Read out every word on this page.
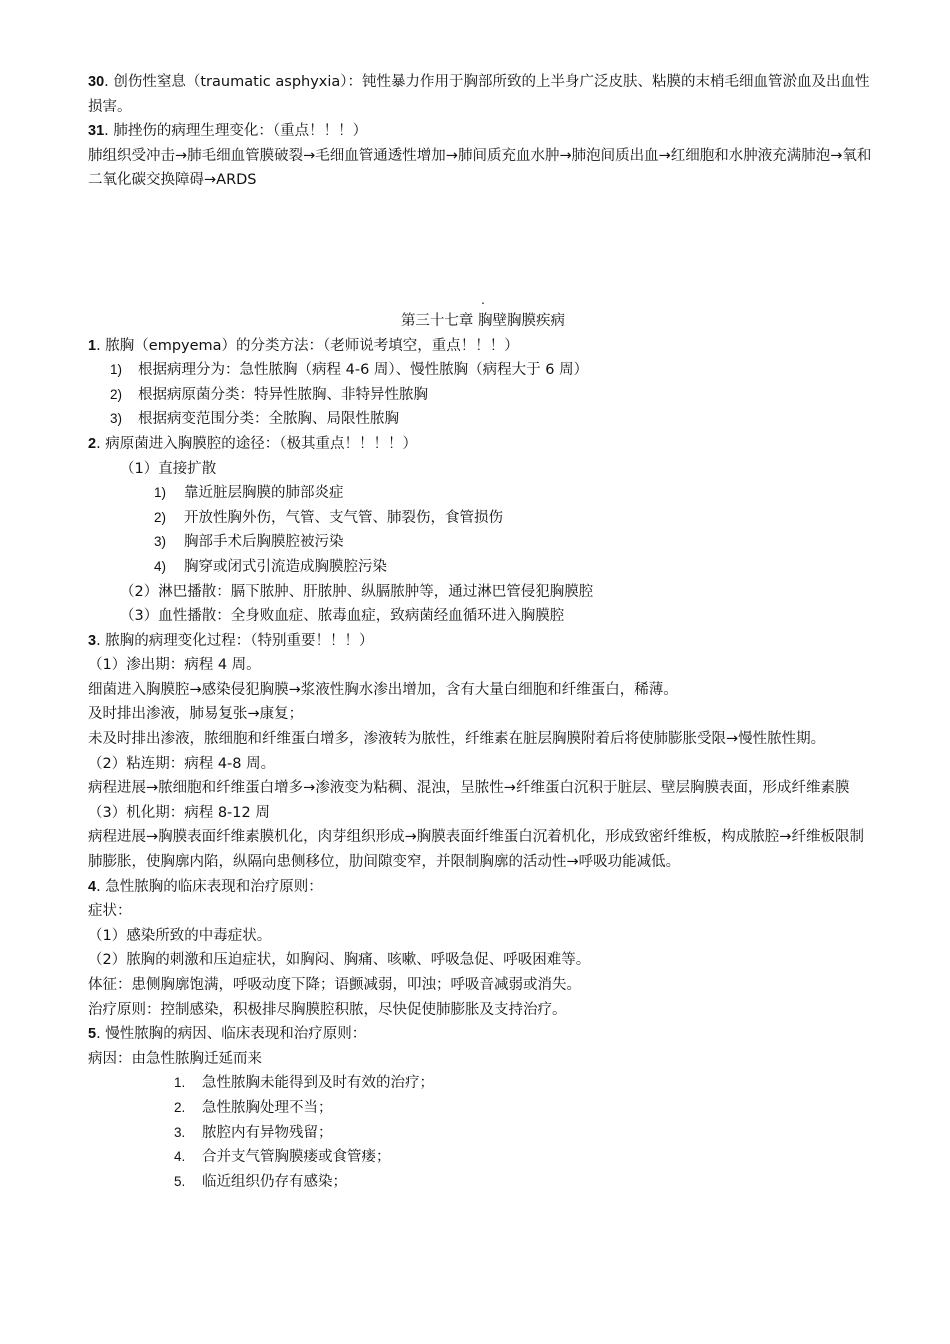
30. 创伤性窒息（traumatic asphyxia）：钝性暴力作用于胸部所致的上半身广泛皮肤、粘膜的末梢毛细血管淤血及出血性损害。
31. 肺挫伤的病理生理变化：（重点！！！）
肺组织受冲击→肺毛细血管膜破裂→毛细血管通透性增加→肺间质充血水肿→肺泡间质出血→红细胞和水肿液充满肺泡→氧和二氧化碳交换障碍→ARDS
.
第三十七章 胸壁胸膜疾病
1. 脓胸（empyema）的分类方法：（老师说考填空，重点！！！）
1) 根据病理分为：急性脓胸（病程 4-6 周）、慢性脓胸（病程大于 6 周）
2) 根据病原菌分类：特异性脓胸、非特异性脓胸
3) 根据病变范围分类：全脓胸、局限性脓胸
2. 病原菌进入胸膜腔的途径：（极其重点！！！！）
（1）直接扩散
1) 靠近脏层胸膜的肺部炎症
2) 开放性胸外伤，气管、支气管、肺裂伤，食管损伤
3) 胸部手术后胸膜腔被污染
4) 胸穿或闭式引流造成胸膜腔污染
（2）淋巴播散：膈下脓肿、肝脓肿、纵膈脓肿等，通过淋巴管侵犯胸膜腔
（3）血性播散：全身败血症、脓毒血症，致病菌经血循环进入胸膜腔
3. 脓胸的病理变化过程：（特别重要！！！）
（1）渗出期：病程 4 周。
细菌进入胸膜腔→感染侵犯胸膜→浆液性胸水渗出增加，含有大量白细胞和纤维蛋白，稀薄。
及时排出渗液，肺易复张→康复；
未及时排出渗液，脓细胞和纤维蛋白增多，渗液转为脓性，纤维素在脏层胸膜附着后将使肺膨胀受限→慢性脓性期。
（2）粘连期：病程 4-8 周。
病程进展→脓细胞和纤维蛋白增多→渗液变为粘稠、混浊，呈脓性→纤维蛋白沉积于脏层、壁层胸膜表面，形成纤维素膜
（3）机化期：病程 8-12 周
病程进展→胸膜表面纤维素膜机化，肉芽组织形成→胸膜表面纤维蛋白沉着机化，形成致密纤维板，构成脓腔→纤维板限制肺膨胀，使胸廓内陷，纵隔向患侧移位，肋间隙变窄，并限制胸廓的活动性→呼吸功能减低。
4. 急性脓胸的临床表现和治疗原则：
症状：
（1）感染所致的中毒症状。
（2）脓胸的刺激和压迫症状，如胸闷、胸痛、咳嗽、呼吸急促、呼吸困难等。
体征：患侧胸廓饱满，呼吸动度下降；语颤减弱，叩浊；呼吸音减弱或消失。
治疗原则：控制感染，积极排尽胸膜腔积脓，尽快促使肺膨胀及支持治疗。
5. 慢性脓胸的病因、临床表现和治疗原则：
病因：由急性脓胸迁延而来
1. 急性脓胸未能得到及时有效的治疗；
2. 急性脓胸处理不当；
3. 脓腔内有异物残留；
4. 合并支气管胸膜瘘或食管瘘；
5. 临近组织仍存有感染；
